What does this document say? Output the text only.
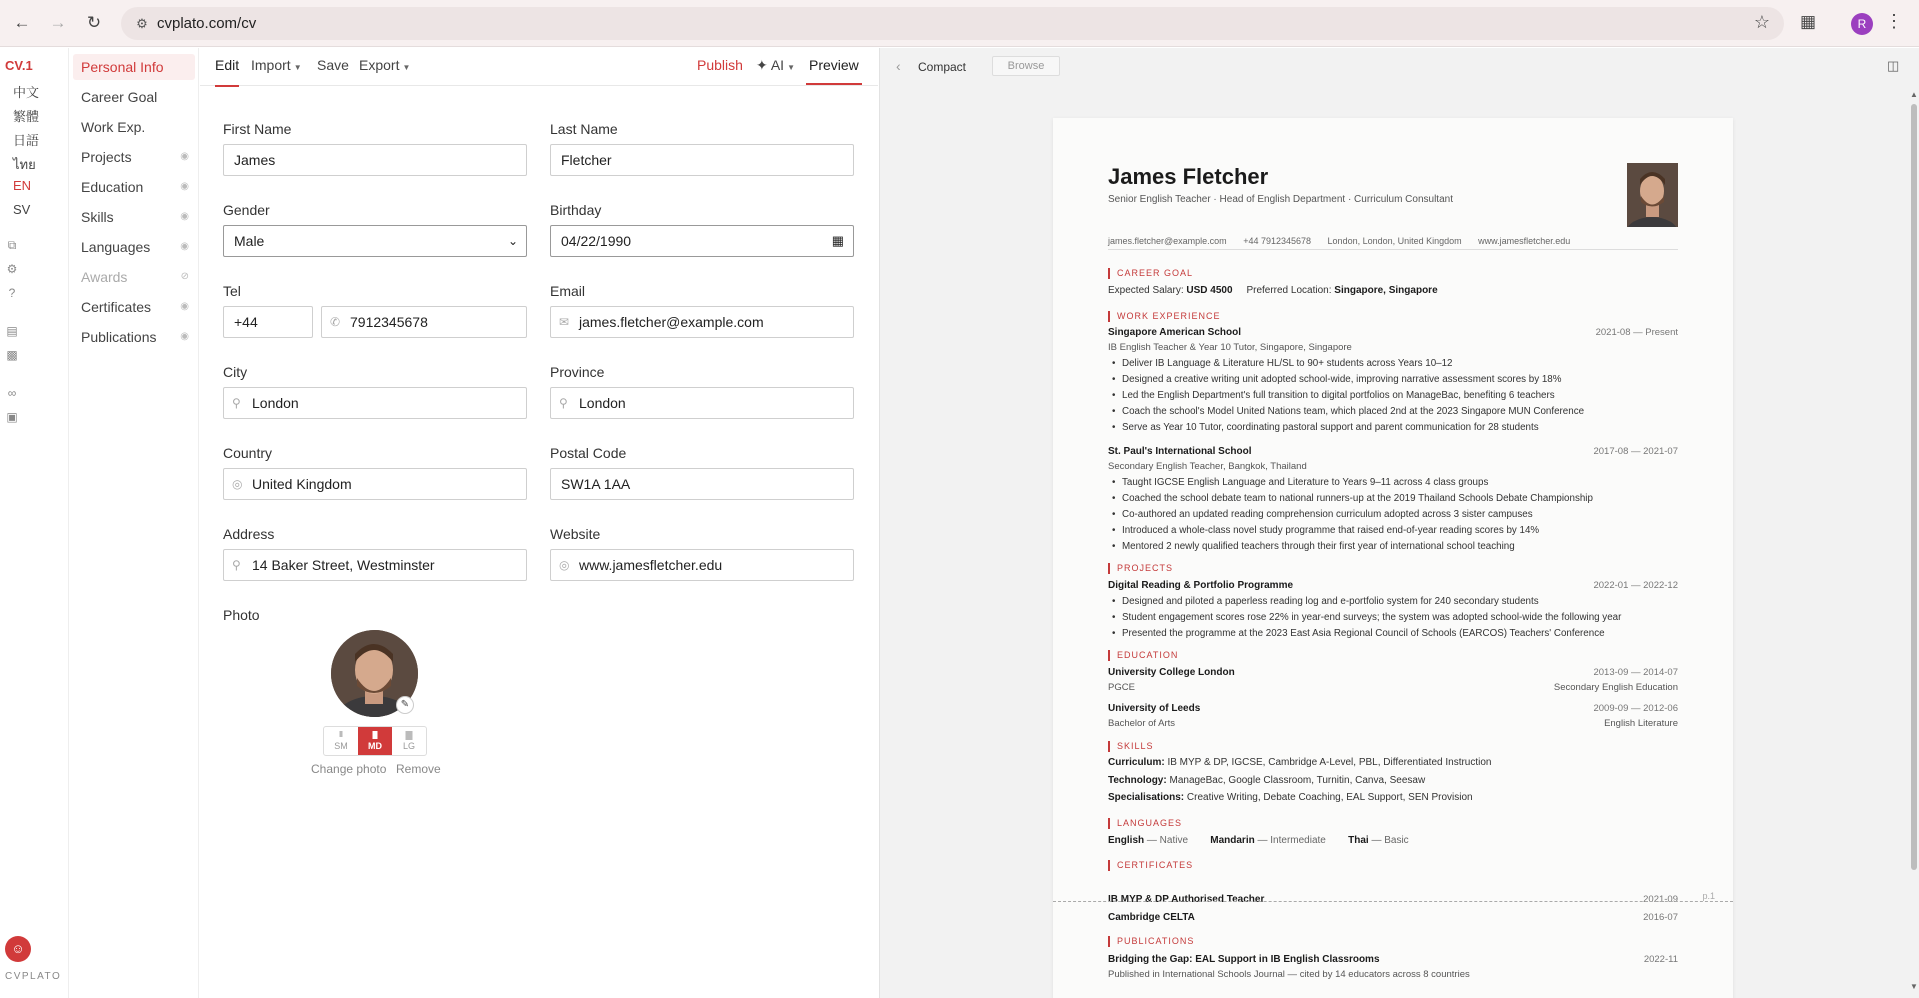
← →	↻	⚙ cvplato.com/cv	☆ ▦	R	⋮
CV.1
中文
繁體
日語
ไทย
EN
SV
⧉
⚙
?
▤
▩
∞
▣
☺
CVPLATO
Personal Info
Career Goal
Work Exp.
Projects	◉
Education	◉
Skills	◉
Languages	◉
Awards	⊘
Certificates	◉
Publications ◉
Edit Import ▼ Save Export ▼	Publish ✦ AI ▼ Preview
First Name
James
Last Name
Fletcher
Gender
Male	⌄
Birthday
04/22/1990	▦
Tel
+44	✆ 7912345678
Email
✉ james.fletcher@example.com
City
⚲ London
Province
⚲ London
Country
◎ United Kingdom
Postal Code
SW1A 1AA
Address
⚲ 14 Baker Street, Westminster
Website
◎ www.jamesfletcher.edu
Photo
✎
SM	MD	LG
Change photo Remove
‹	Compact	Browse	◫
James Fletcher
Senior English Teacher · Head of English Department · Curriculum Consultant
james.fletcher@example.com +44 7912345678 London, London, United Kingdom www.jamesfletcher.edu
CAREER GOAL
Expected Salary: USD 4500 Preferred Location: Singapore, Singapore
WORK EXPERIENCE
Singapore American School	2021-08 — Present
IB English Teacher & Year 10 Tutor, Singapore, Singapore
• Deliver IB Language & Literature HL/SL to 90+ students across Years 10–12
• Designed a creative writing unit adopted school-wide, improving narrative assessment scores by 18%
• Led the English Department's full transition to digital portfolios on ManageBac, benefiting 6 teachers
• Coach the school's Model United Nations team, which placed 2nd at the 2023 Singapore MUN Conference
• Serve as Year 10 Tutor, coordinating pastoral support and parent communication for 28 students
St. Paul's International School	2017-08 — 2021-07
Secondary English Teacher, Bangkok, Thailand
• Taught IGCSE English Language and Literature to Years 9–11 across 4 class groups
• Coached the school debate team to national runners-up at the 2019 Thailand Schools Debate Championship
• Co-authored an updated reading comprehension curriculum adopted across 3 sister campuses
• Introduced a whole-class novel study programme that raised end-of-year reading scores by 14%
• Mentored 2 newly qualified teachers through their first year of international school teaching
PROJECTS
Digital Reading & Portfolio Programme	2022-01 — 2022-12
• Designed and piloted a paperless reading log and e-portfolio system for 240 secondary students
• Student engagement scores rose 22% in year-end surveys; the system was adopted school-wide the following year
• Presented the programme at the 2023 East Asia Regional Council of Schools (EARCOS) Teachers' Conference
EDUCATION
University College London	2013-09 — 2014-07
PGCE	Secondary English Education
University of Leeds	2009-09 — 2012-06
Bachelor of Arts	English Literature
SKILLS
Curriculum: IB MYP & DP, IGCSE, Cambridge A-Level, PBL, Differentiated Instruction
Technology: ManageBac, Google Classroom, Turnitin, Canva, Seesaw
Specialisations: Creative Writing, Debate Coaching, EAL Support, SEN Provision
LANGUAGES
English — Native Mandarin — Intermediate Thai — Basic
CERTIFICATES
IB MYP & DP Authorised Teacher	2021-09	p.1
Cambridge CELTA	2016-07
PUBLICATIONS
Bridging the Gap: EAL Support in IB English Classrooms	2022-11
Published in International Schools Journal — cited by 14 educators across 8 countries
▲
▼
